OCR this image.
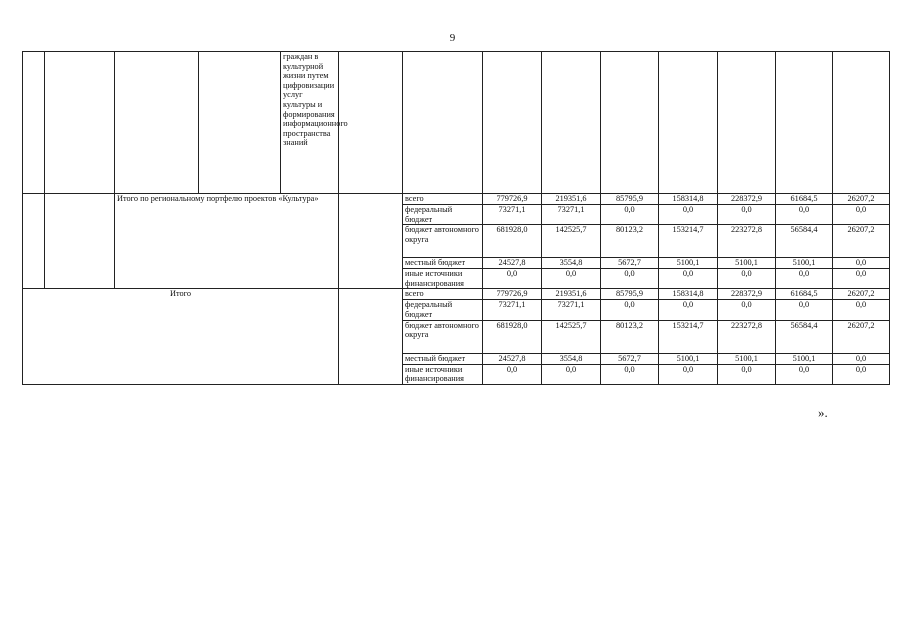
9
				граждан в культурной жизни путем цифровизации услуг культуры и формирования информационного пространства знаний									
		Итого по региональному портфелю проектов «Культура»				всего	779726,9	219351,6	85795,9	158314,8	228372,9	61684,5	26207,2
						федеральный бюджет	73271,1	73271,1	0,0	0,0	0,0	0,0	0,0
						бюджет автономного округа	681928,0	142525,7	80123,2	153214,7	223272,8	56584,4	26207,2
						местный бюджет	24527,8	3554,8	5672,7	5100,1	5100,1	5100,1	0,0
						иные источники финансирования	0,0	0,0	0,0	0,0	0,0	0,0	0,0
Итого						всего	779726,9	219351,6	85795,9	158314,8	228372,9	61684,5	26207,2
						федеральный бюджет	73271,1	73271,1	0,0	0,0	0,0	0,0	0,0
						бюджет автономного округа	681928,0	142525,7	80123,2	153214,7	223272,8	56584,4	26207,2
						местный бюджет	24527,8	3554,8	5672,7	5100,1	5100,1	5100,1	0,0
						иные источники финансирования	0,0	0,0	0,0	0,0	0,0	0,0	0,0
».
